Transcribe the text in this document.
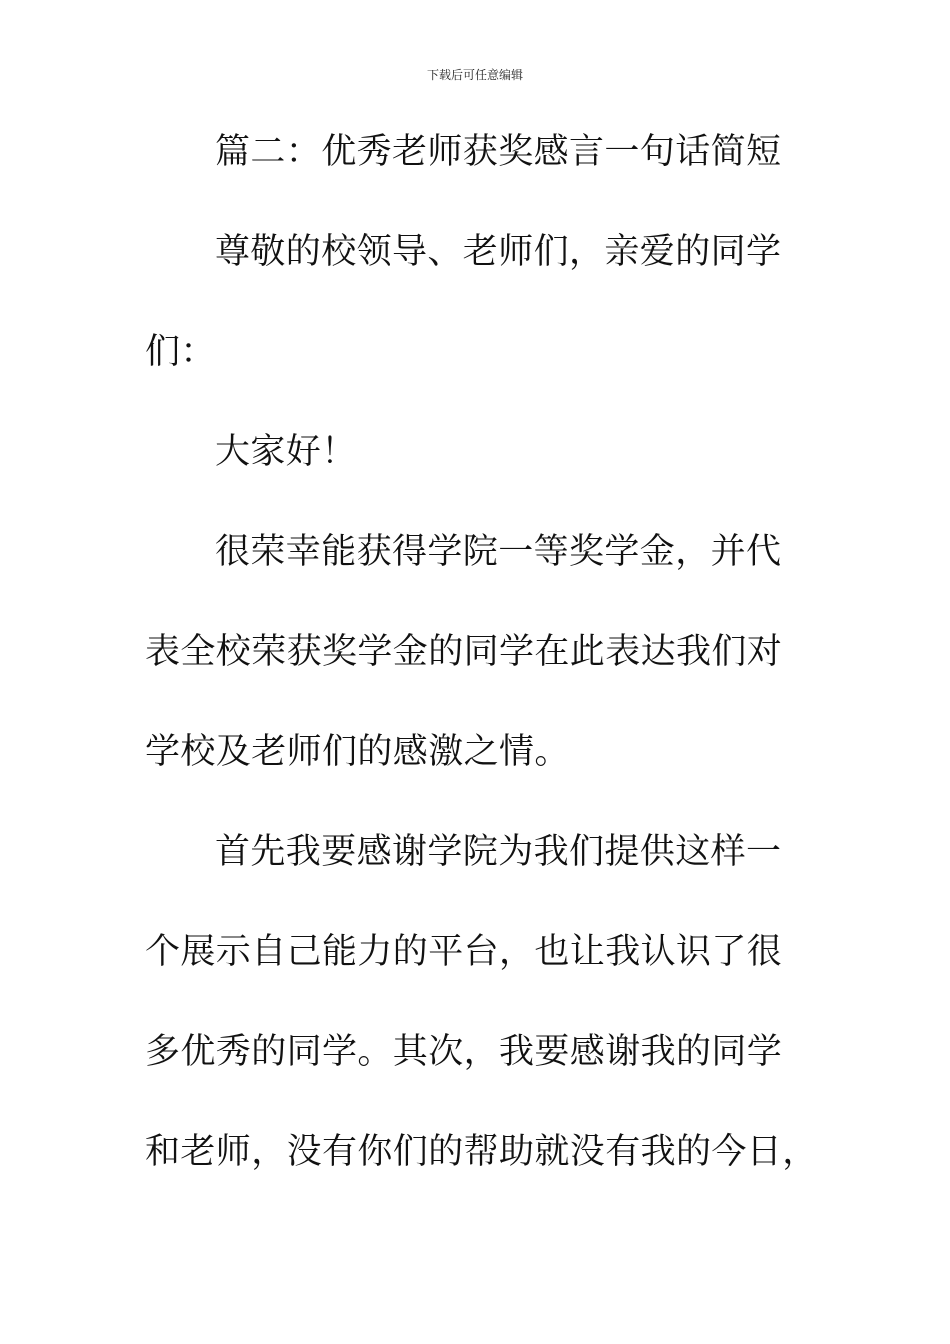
下载后可任意编辑
篇二：优秀老师获奖感言一句话简短
尊敬的校领导、老师们，亲爱的同学
们：
大家好！
很荣幸能获得学院一等奖学金，并代
表全校荣获奖学金的同学在此表达我们对
学校及老师们的感激之情。
首先我要感谢学院为我们提供这样一
个展示自己能力的平台，也让我认识了很
多优秀的同学。其次，我要感谢我的同学
和老师，没有你们的帮助就没有我的今日，
